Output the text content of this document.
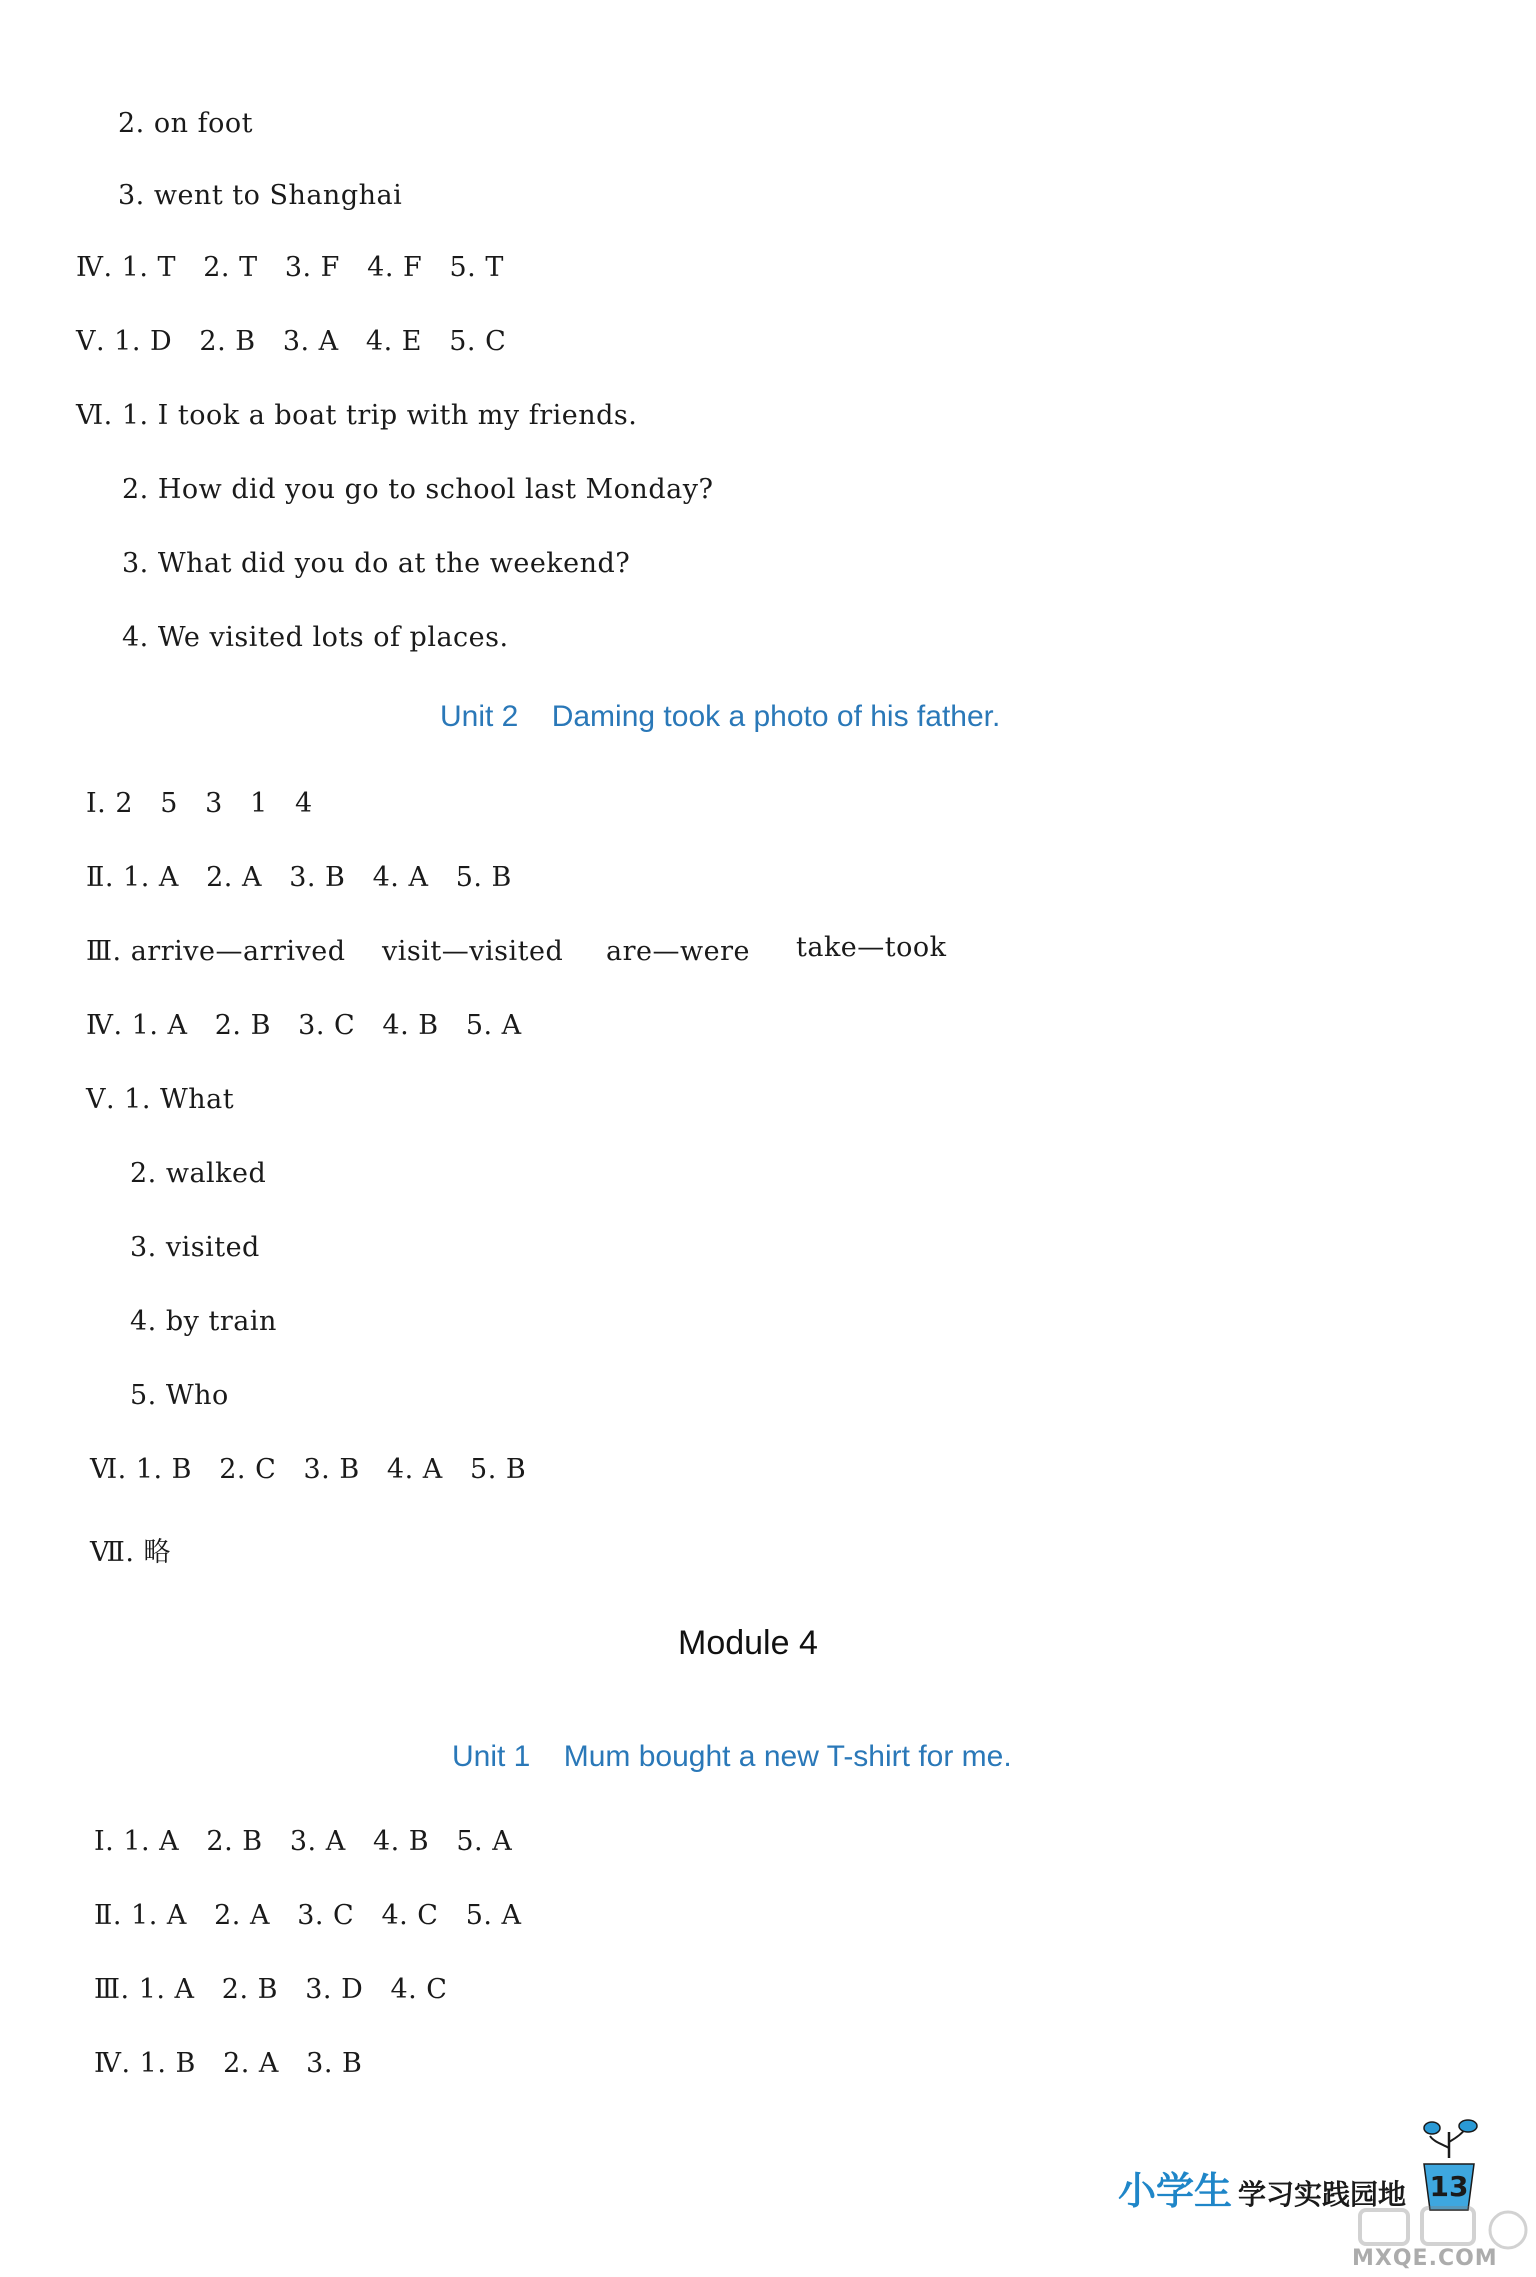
2. on foot
3. went to Shanghai
Ⅳ. 1. T   2. T   3. F   4. F   5. T
Ⅴ. 1. D   2. B   3. A   4. E   5. C
Ⅵ. 1. I took a boat trip with my friends.
2. How did you go to school last Monday?
3. What did you do at the weekend?
4. We visited lots of places.
Unit 2    Daming took a photo of his father.
Ⅰ. 2   5   3   1   4
Ⅱ. 1. A   2. A   3. B   4. A   5. B
Ⅲ. arrive—arrived visit—visited are—were take—took
Ⅳ. 1. A   2. B   3. C   4. B   5. A
Ⅴ. 1. What
2. walked
3. visited
4. by train
5. Who
Ⅵ. 1. B   2. C   3. B   4. A   5. B
Ⅶ. 略
Module 4
Unit 1    Mum bought a new T-shirt for me.
Ⅰ. 1. A   2. B   3. A   4. B   5. A
Ⅱ. 1. A   2. A   3. C   4. C   5. A
Ⅲ. 1. A   2. B   3. D   4. C
Ⅳ. 1. B   2. A   3. B
小学生 学习实践园地 13
MXQE.COM
